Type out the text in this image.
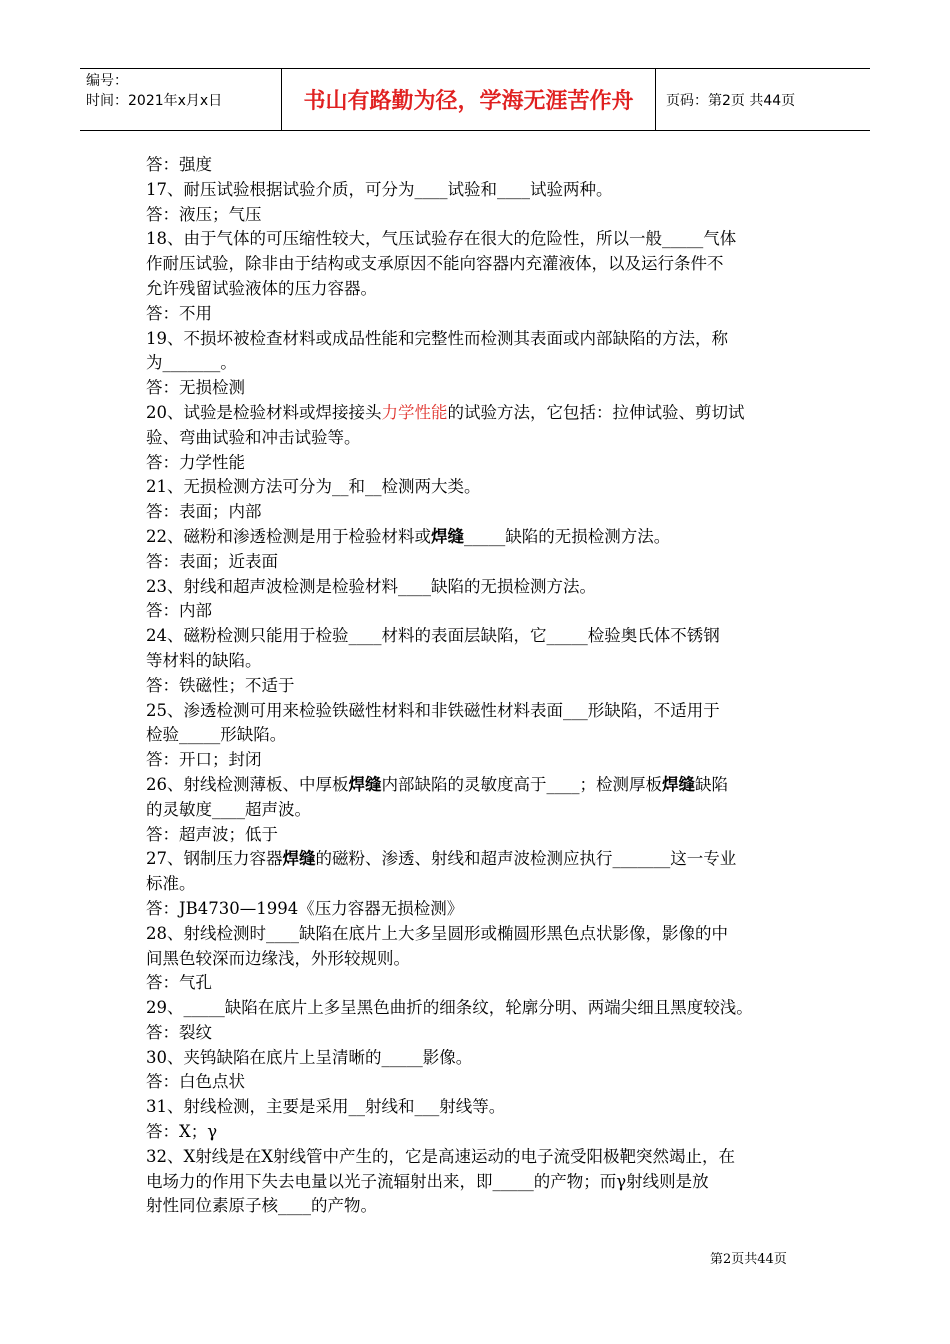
编号：
时间：2021年x月x日	书山有路勤为径，学海无涯苦作舟	页码：第2页 共44页
答：强度
17、耐压试验根据试验介质，可分为____试验和____试验两种。
答：液压；气压
18、由于气体的可压缩性较大，气压试验存在很大的危险性，所以一般_____气体
作耐压试验，除非由于结构或支承原因不能向容器内充灌液体，以及运行条件不
允许残留试验液体的压力容器。
答：不用
19、不损坏被检查材料或成品性能和完整性而检测其表面或内部缺陷的方法，称
为_______。
答：无损检测
20、试验是检验材料或焊接接头力学性能的试验方法，它包括：拉伸试验、剪切试
验、弯曲试验和冲击试验等。
答：力学性能
21、无损检测方法可分为__和__检测两大类。
答：表面；内部
22、磁粉和渗透检测是用于检验材料或焊缝_____缺陷的无损检测方法。
答：表面；近表面
23、射线和超声波检测是检验材料____缺陷的无损检测方法。
答：内部
24、磁粉检测只能用于检验____材料的表面层缺陷，它_____检验奥氏体不锈钢
等材料的缺陷。
答：铁磁性；不适于
25、渗透检测可用来检验铁磁性材料和非铁磁性材料表面___形缺陷，不适用于
检验_____形缺陷。
答：开口；封闭
26、射线检测薄板、中厚板焊缝内部缺陷的灵敏度高于____；检测厚板焊缝缺陷
的灵敏度____超声波。
答：超声波；低于
27、钢制压力容器焊缝的磁粉、渗透、射线和超声波检测应执行_______这一专业
标准。
答：JB4730—1994《压力容器无损检测》
28、射线检测时____缺陷在底片上大多呈圆形或椭圆形黑色点状影像，影像的中
间黑色较深而边缘浅，外形较规则。
答：气孔
29、_____缺陷在底片上多呈黑色曲折的细条纹，轮廓分明、两端尖细且黑度较浅。
答：裂纹
30、夹钨缺陷在底片上呈清晰的_____影像。
答：白色点状
31、射线检测，主要是采用__射线和___射线等。
答：Χ；γ
32、X射线是在X射线管中产生的，它是高速运动的电子流受阳极靶突然竭止，在
电场力的作用下失去电量以光子流辐射出来，即_____的产物；而γ射线则是放
射性同位素原子核____的产物。
第2页共44页
